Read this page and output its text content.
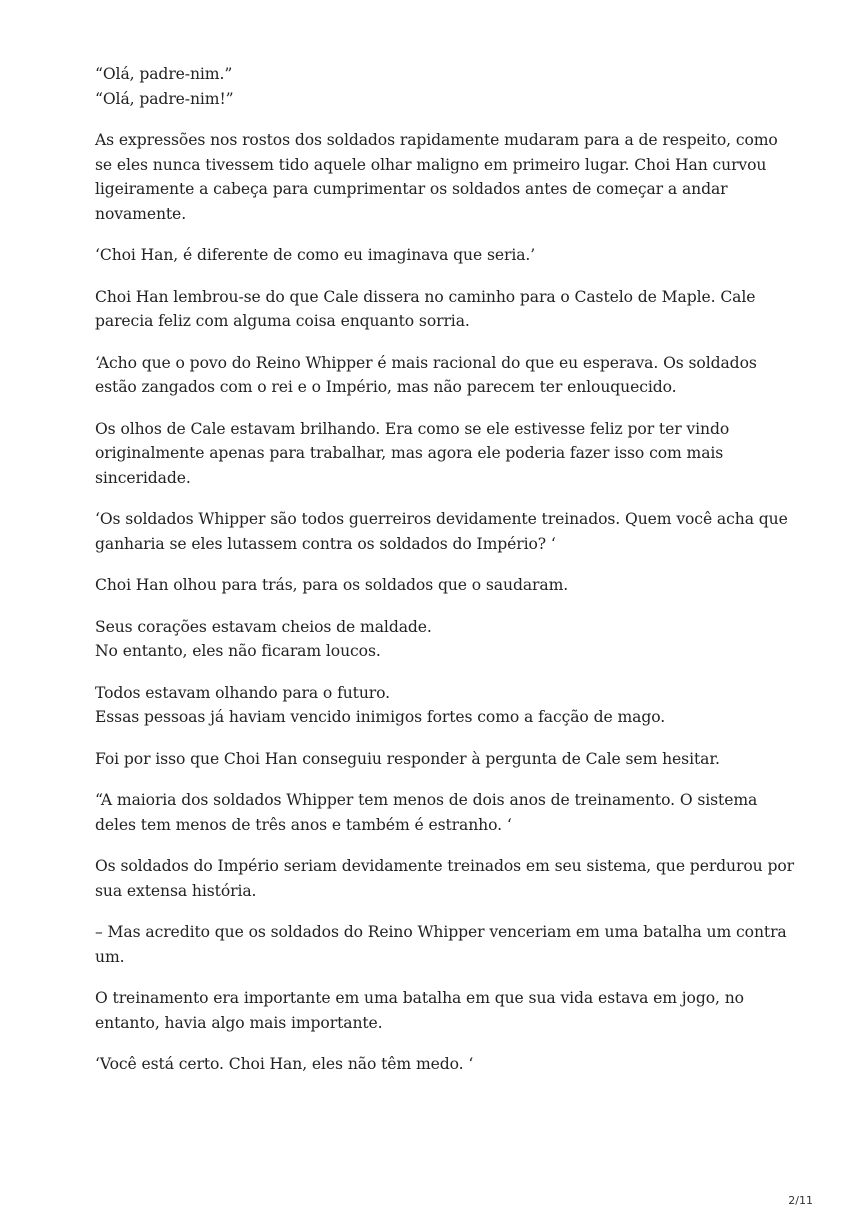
“Olá, padre-nim.”
“Olá, padre-nim!”

As expressões nos rostos dos soldados rapidamente mudaram para a de respeito, como se eles nunca tivessem tido aquele olhar maligno em primeiro lugar. Choi Han curvou ligeiramente a cabeça para cumprimentar os soldados antes de começar a andar novamente.

‘Choi Han, é diferente de como eu imaginava que seria.’

Choi Han lembrou-se do que Cale dissera no caminho para o Castelo de Maple. Cale parecia feliz com alguma coisa enquanto sorria.

‘Acho que o povo do Reino Whipper é mais racional do que eu esperava. Os soldados estão zangados com o rei e o Império, mas não parecem ter enlouquecido.

Os olhos de Cale estavam brilhando. Era como se ele estivesse feliz por ter vindo originalmente apenas para trabalhar, mas agora ele poderia fazer isso com mais sinceridade.

‘Os soldados Whipper são todos guerreiros devidamente treinados. Quem você acha que ganharia se eles lutassem contra os soldados do Império? ‘

Choi Han olhou para trás, para os soldados que o saudaram.

Seus corações estavam cheios de maldade.
No entanto, eles não ficaram loucos.

Todos estavam olhando para o futuro.
Essas pessoas já haviam vencido inimigos fortes como a facção de mago.

Foi por isso que Choi Han conseguiu responder à pergunta de Cale sem hesitar.

“A maioria dos soldados Whipper tem menos de dois anos de treinamento. O sistema deles tem menos de três anos e também é estranho. ‘

Os soldados do Império seriam devidamente treinados em seu sistema, que perdurou por sua extensa história.

– Mas acredito que os soldados do Reino Whipper venceriam em uma batalha um contra um.

O treinamento era importante em uma batalha em que sua vida estava em jogo, no entanto, havia algo mais importante.

‘Você está certo. Choi Han, eles não têm medo. ‘

2/11
